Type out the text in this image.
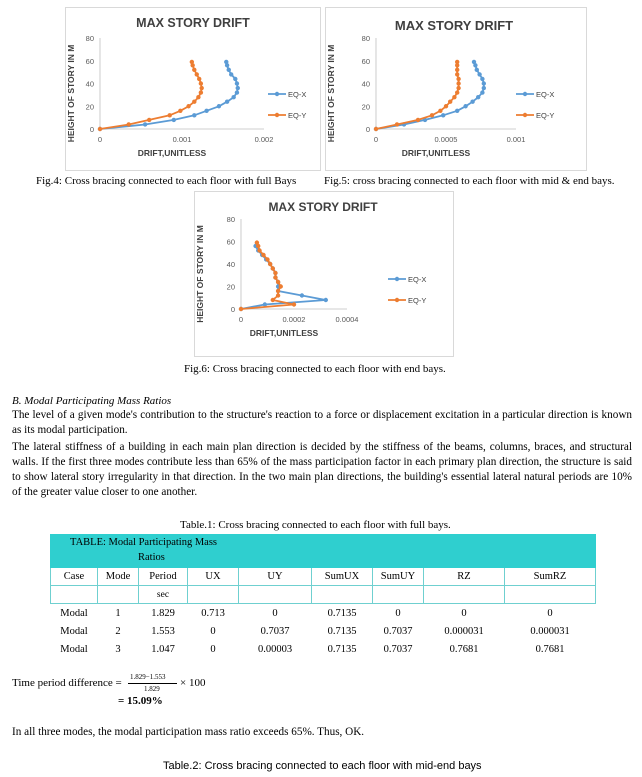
MAX STORY DRIFT
0
20
40
60
80
0	0.001	0.002
DRIFT,UNITLESS
HEIGHT OF STORY IN M	EQ-X
EQ-Y
MAX STORY DRIFT
0
20
40
60
80
0	0.0005	0.001
DRIFT,UNITLESS
HEIGHT OF STORY IN M	EQ-X
EQ-Y
Fig.4: Cross bracing connected to each floor with full Bays	Fig.5: cross bracing connected to each floor with mid & end bays.
MAX STORY DRIFT
0
20
40
60
80
0	0.0002	0.0004
DRIFT,UNITLESS
HEIGHT OF STORY IN M	EQ-X
EQ-Y
Fig.6: Cross bracing connected to each floor with end bays.
B. Modal Participating Mass Ratios
The level of a given mode's contribution to the structure's reaction to a force or displacement excitation in a particular direction is known as its modal participation.
The lateral stiffness of a building in each main plan direction is decided by the stiffness of the beams, columns, braces, and structural walls. If the first three modes contribute less than 65% of the mass participation factor in each primary plan direction, the structure is said to show lateral story irregularity in that direction. In the two main plan directions, the building's essential lateral natural periods are 10% of the greater value closer to one another.
Table.1: Cross bracing connected to each floor with full bays.
TABLE: Modal Participating Mass
Ratios								

Case	Mode	Period	UX	UY	SumUX	SumUY	RZ	SumRZ
		sec						
Modal	1	1.829	0.713	0	0.7135	0	0	0
Modal	2	1.553	0	0.7037	0.7135	0.7037	0.000031	0.000031
Modal	3	1.047	0	0.00003	0.7135	0.7037	0.7681	0.7681
Time period difference = 1.829−1.553
1.829 × 100
= 15.09%
In all three modes, the modal participation mass ratio exceeds 65%. Thus, OK.
Table.2: Cross bracing connected to each floor with mid-end bays
